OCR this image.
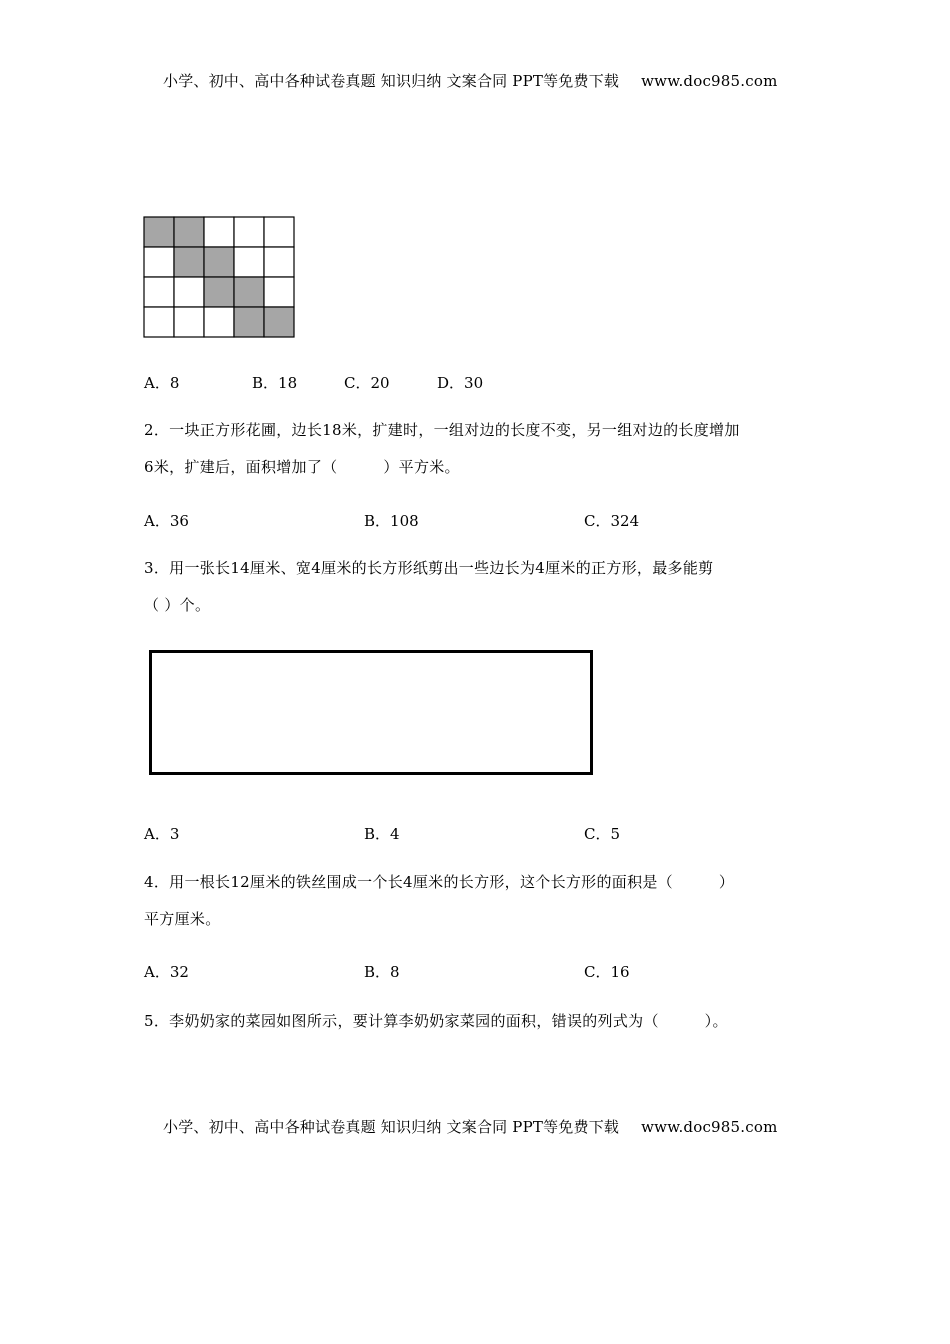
小学、初中、高中各种试卷真题 知识归纳 文案合同 PPT等免费下载 www.doc985.com
A．8	B．18	C．20	D．30
2．一块正方形花圃，边长18米，扩建时，一组对边的长度不变，另一组对边的长度增加
6米，扩建后，面积增加了（　　　）平方米。
A．36	B．108	C．324
3．用一张长14厘米、宽4厘米的长方形纸剪出一些边长为4厘米的正方形，最多能剪
（ ）个。
A．3	B．4	C．5
4．用一根长12厘米的铁丝围成一个长4厘米的长方形，这个长方形的面积是（　　　）
平方厘米。
A．32	B．8	C．16
5．李奶奶家的菜园如图所示，要计算李奶奶家菜园的面积，错误的列式为（　　　）。
小学、初中、高中各种试卷真题 知识归纳 文案合同 PPT等免费下载 www.doc985.com
